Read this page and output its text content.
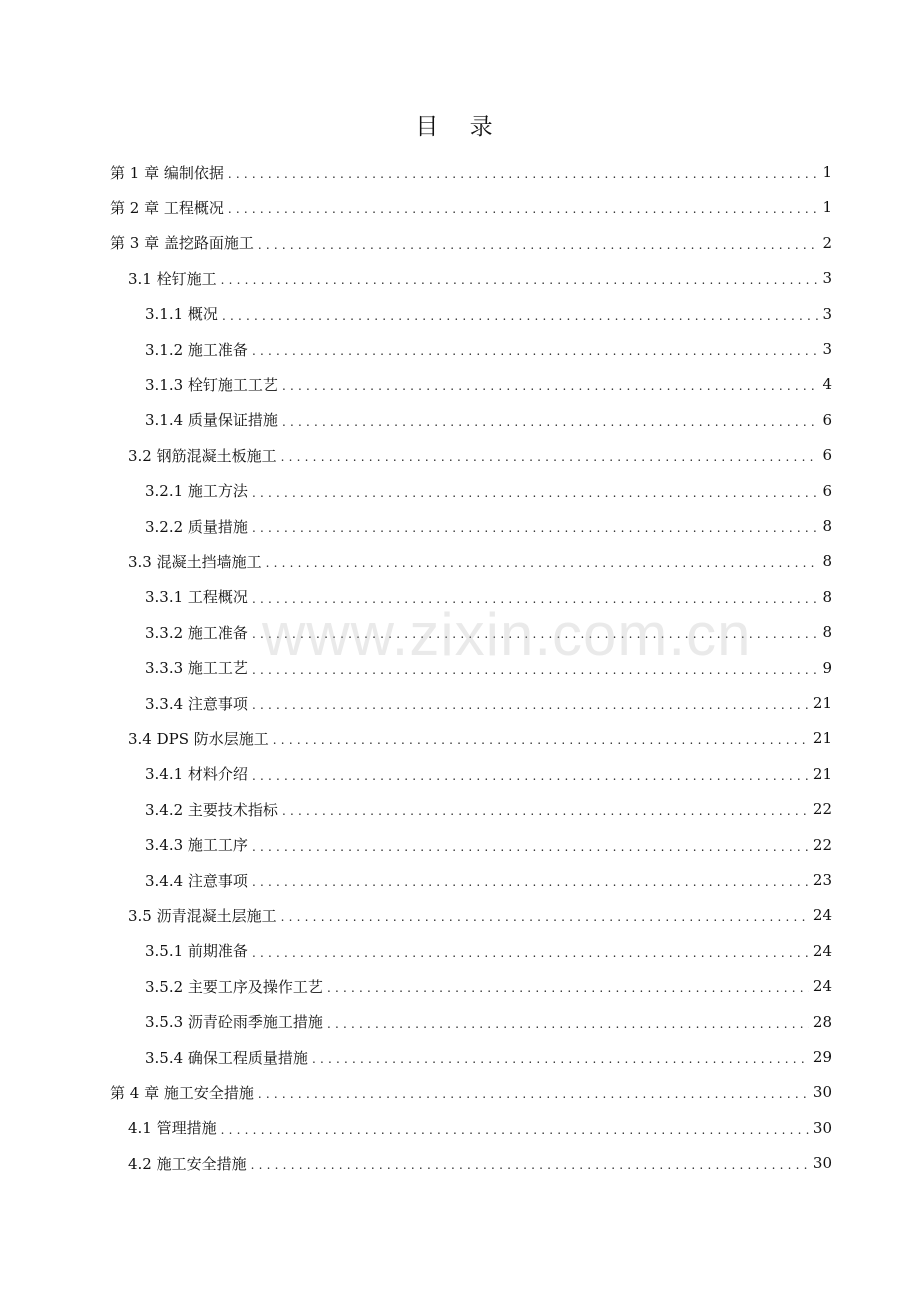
目 录
第 1 章 编制依据 .....	1
第 2 章 工程概况 .....	1
第 3 章 盖挖路面施工 .....	2
3.1 栓钉施工 .....	3
3.1.1 概况 .....	3
3.1.2 施工准备 .....	3
3.1.3 栓钉施工工艺 .....	4
3.1.4 质量保证措施 .....	6
3.2 钢筋混凝土板施工 .....	6
3.2.1 施工方法 .....	6
3.2.2 质量措施 .....	8
3.3 混凝土挡墙施工 .....	8
3.3.1 工程概况 .....	8
3.3.2 施工准备 .....	8
3.3.3 施工工艺 .....	9
3.3.4 注意事项 .....	21
3.4 DPS 防水层施工 .....	21
3.4.1 材料介绍 .....	21
3.4.2 主要技术指标 .....	22
3.4.3 施工工序 .....	22
3.4.4 注意事项 .....	23
3.5 沥青混凝土层施工 .....	24
3.5.1 前期准备 .....	24
3.5.2 主要工序及操作工艺 .....	24
3.5.3 沥青砼雨季施工措施 .....	28
3.5.4 确保工程质量措施 .....	29
第 4 章 施工安全措施 .....	30
4.1 管理措施 .....	30
4.2 施工安全措施 .....	30
www.zixin.com.cn
